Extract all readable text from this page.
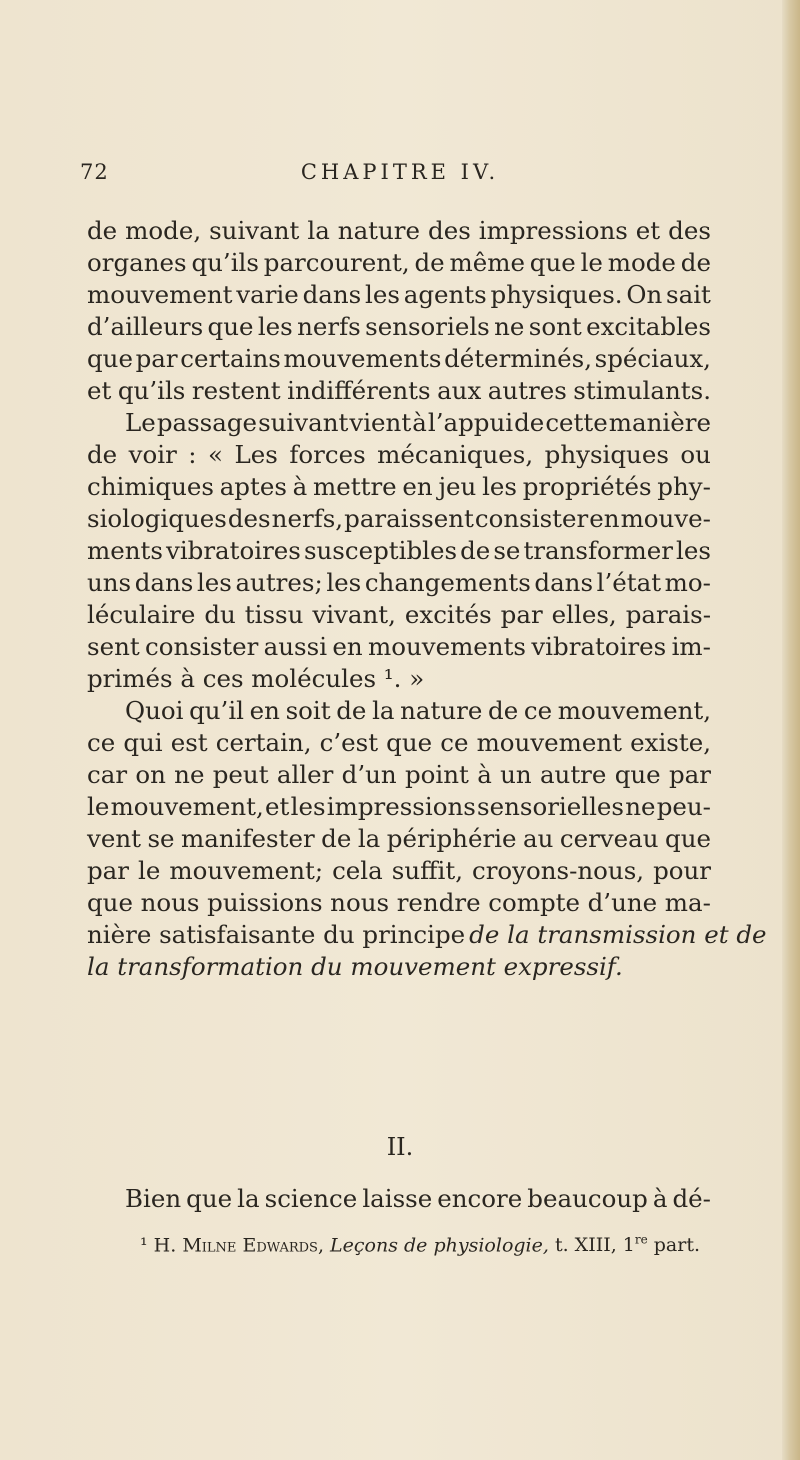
72	CHAPITRE IV.
de mode, suivant la nature des impressions et des
organes qu’ils parcourent, de même que le mode de
mouvement varie dans les agents physiques. On sait
d’ailleurs que les nerfs sensoriels ne sont excitables
que par certains mouvements déterminés, spéciaux,
et qu’ils restent indifférents aux autres stimulants.
Le passage suivant vient à l’appui de cette manière
de voir : « Les forces mécaniques, physiques ou
chimiques aptes à mettre en jeu les propriétés phy-
siologiques des nerfs, paraissent consister en mouve-
ments vibratoires susceptibles de se transformer les
uns dans les autres; les changements dans l’état mo-
léculaire du tissu vivant, excités par elles, parais-
sent consister aussi en mouvements vibratoires im-
primés à ces molécules ¹. »
Quoi qu’il en soit de la nature de ce mouvement,
ce qui est certain, c’est que ce mouvement existe,
car on ne peut aller d’un point à un autre que par
le mouvement, et les impressions sensorielles ne peu-
vent se manifester de la périphérie au cerveau que
par le mouvement; cela suffit, croyons-nous, pour
que nous puissions nous rendre compte d’une ma-
nière satisfaisante du principe de la transmission et de
la transformation du mouvement expressif.
II.
Bien que la science laisse encore beaucoup à dé-
¹ H. Milne Edwards, Leçons de physiologie, t. XIII, 1re part.
